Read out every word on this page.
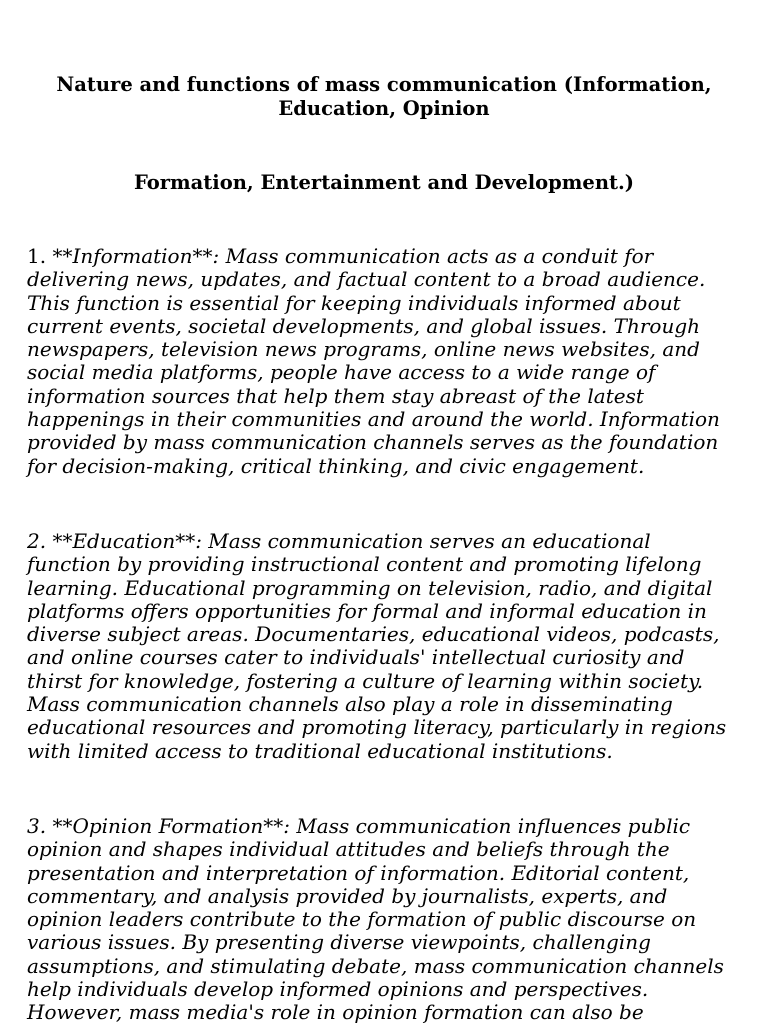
Nature and functions of mass communication (Information, Education, Opinion
Formation, Entertainment and Development.)

1. **Information**: Mass communication acts as a conduit for delivering news, updates, and factual content to a broad audience. This function is essential for keeping individuals informed about current events, societal developments, and global issues. Through newspapers, television news programs, online news websites, and social media platforms, people have access to a wide range of information sources that help them stay abreast of the latest happenings in their communities and around the world. Information provided by mass communication channels serves as the foundation for decision-making, critical thinking, and civic engagement.

2. **Education**: Mass communication serves an educational function by providing instructional content and promoting lifelong learning. Educational programming on television, radio, and digital platforms offers opportunities for formal and informal education in diverse subject areas. Documentaries, educational videos, podcasts, and online courses cater to individuals' intellectual curiosity and thirst for knowledge, fostering a culture of learning within society. Mass communication channels also play a role in disseminating educational resources and promoting literacy, particularly in regions with limited access to traditional educational institutions.

3. **Opinion Formation**: Mass communication influences public opinion and shapes individual attitudes and beliefs through the presentation and interpretation of information. Editorial content, commentary, and analysis provided by journalists, experts, and opinion leaders contribute to the formation of public discourse on various issues. By presenting diverse viewpoints, challenging assumptions, and stimulating debate, mass communication channels help individuals develop informed opinions and perspectives. However, mass media's role in opinion formation can also be
